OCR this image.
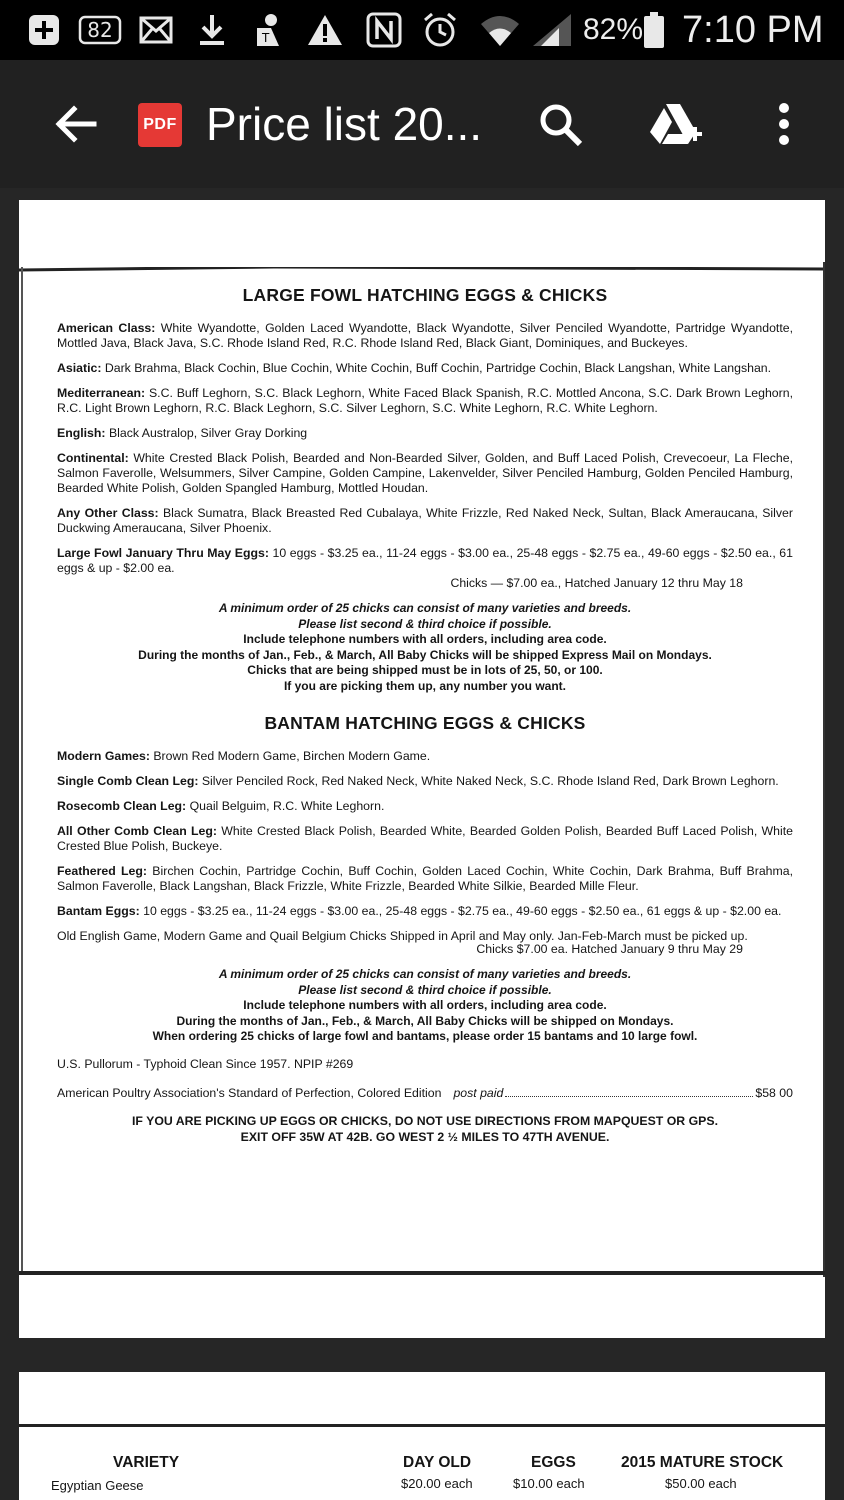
82	T	82% 7:10 PM
PDF Price list 20...
LARGE FOWL HATCHING EGGS & CHICKS

American Class: White Wyandotte, Golden Laced Wyandotte, Black Wyandotte, Silver Penciled Wyandotte, Partridge Wyandotte, Mottled Java, Black Java, S.C. Rhode Island Red, R.C. Rhode Island Red, Black Giant, Dominiques, and Buckeyes.

Asiatic: Dark Brahma, Black Cochin, Blue Cochin, White Cochin, Buff Cochin, Partridge Cochin, Black Langshan, White Langshan.

Mediterranean: S.C. Buff Leghorn, S.C. Black Leghorn, White Faced Black Spanish, R.C. Mottled Ancona, S.C. Dark Brown Leghorn, R.C. Light Brown Leghorn, R.C. Black Leghorn, S.C. Silver Leghorn, S.C. White Leghorn, R.C. White Leghorn.

English: Black Australop, Silver Gray Dorking

Continental: White Crested Black Polish, Bearded and Non-Bearded Silver, Golden, and Buff Laced Polish, Crevecoeur, La Fleche, Salmon Faverolle, Welsummers, Silver Campine, Golden Campine, Lakenvelder, Silver Penciled Hamburg, Golden Penciled Hamburg, Bearded White Polish, Golden Spangled Hamburg, Mottled Houdan.

Any Other Class: Black Sumatra, Black Breasted Red Cubalaya, White Frizzle, Red Naked Neck, Sultan, Black Ameraucana, Silver Duckwing Ameraucana, Silver Phoenix.

Large Fowl January Thru May Eggs: 10 eggs - $3.25 ea., 11-24 eggs - $3.00 ea., 25-48 eggs - $2.75 ea., 49-60 eggs - $2.50 ea., 61 eggs & up - $2.00 ea.

Chicks — $7.00 ea., Hatched January 12 thru May 18

A minimum order of 25 chicks can consist of many varieties and breeds.
Please list second & third choice if possible.
Include telephone numbers with all orders, including area code.
During the months of Jan., Feb., & March, All Baby Chicks will be shipped Express Mail on Mondays.
Chicks that are being shipped must be in lots of 25, 50, or 100.
If you are picking them up, any number you want.
BANTAM HATCHING EGGS & CHICKS

Modern Games: Brown Red Modern Game, Birchen Modern Game.

Single Comb Clean Leg: Silver Penciled Rock, Red Naked Neck, White Naked Neck, S.C. Rhode Island Red, Dark Brown Leghorn.

Rosecomb Clean Leg: Quail Belguim, R.C. White Leghorn.

All Other Comb Clean Leg: White Crested Black Polish, Bearded White, Bearded Golden Polish, Bearded Buff Laced Polish, White Crested Blue Polish, Buckeye.

Feathered Leg: Birchen Cochin, Partridge Cochin, Buff Cochin, Golden Laced Cochin, White Cochin, Dark Brahma, Buff Brahma, Salmon Faverolle, Black Langshan, Black Frizzle, White Frizzle, Bearded White Silkie, Bearded Mille Fleur.

Bantam Eggs: 10 eggs - $3.25 ea., 11-24 eggs - $3.00 ea., 25-48 eggs - $2.75 ea., 49-60 eggs - $2.50 ea., 61 eggs & up - $2.00 ea.

Old English Game, Modern Game and Quail Belgium Chicks Shipped in April and May only. Jan-Feb-March must be picked up.

Chicks $7.00 ea. Hatched January 9 thru May 29

A minimum order of 25 chicks can consist of many varieties and breeds.
Please list second & third choice if possible.
Include telephone numbers with all orders, including area code.
During the months of Jan., Feb., & March, All Baby Chicks will be shipped on Mondays.
When ordering 25 chicks of large fowl and bantams, please order 15 bantams and 10 large fowl.

U.S. Pullorum - Typhoid Clean Since 1957. NPIP #269

American Poultry Association's Standard of Perfection, Colored Edition post paid	$58 00
IF YOU ARE PICKING UP EGGS OR CHICKS, DO NOT USE DIRECTIONS FROM MAPQUEST OR GPS.
EXIT OFF 35W AT 42B. GO WEST 2 ½ MILES TO 47TH AVENUE.
VARIETY	DAY OLD	EGGS	2015 MATURE STOCK
Egyptian Geese	$20.00 each	$10.00 each	$50.00 each
